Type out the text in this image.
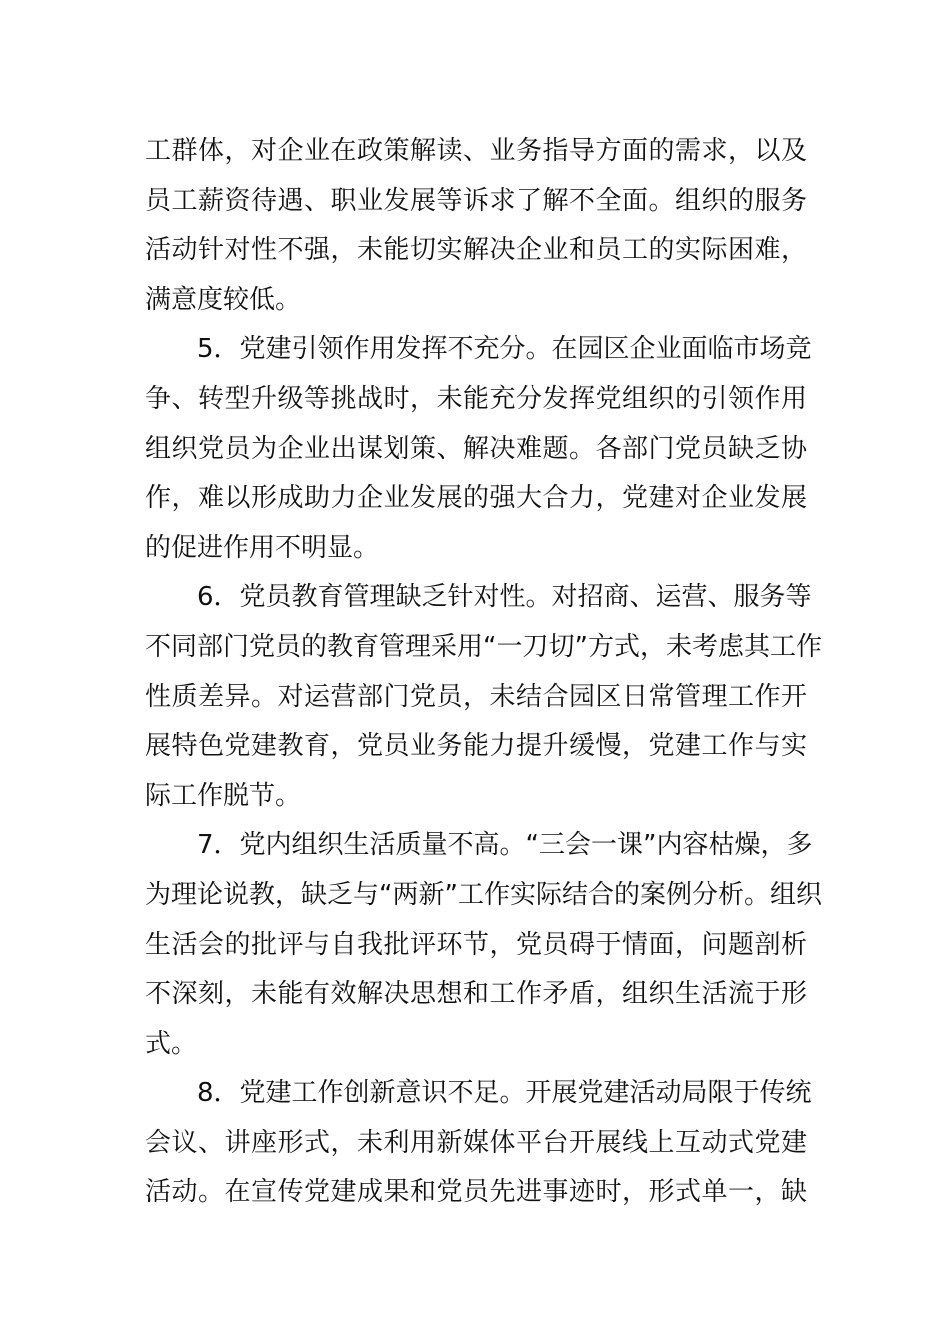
工群体，对企业在政策解读、业务指导方面的需求，以及
员工薪资待遇、职业发展等诉求了解不全面。组织的服务
活动针对性不强，未能切实解决企业和员工的实际困难，
满意度较低。
5．党建引领作用发挥不充分。在园区企业面临市场竞
争、转型升级等挑战时，未能充分发挥党组织的引领作用
组织党员为企业出谋划策、解决难题。各部门党员缺乏协
作，难以形成助力企业发展的强大合力，党建对企业发展
的促进作用不明显。
6．党员教育管理缺乏针对性。对招商、运营、服务等
不同部门党员的教育管理采用“一刀切”方式，未考虑其工作
性质差异。对运营部门党员，未结合园区日常管理工作开
展特色党建教育，党员业务能力提升缓慢，党建工作与实
际工作脱节。
7．党内组织生活质量不高。“三会一课”内容枯燥，多
为理论说教，缺乏与“两新”工作实际结合的案例分析。组织
生活会的批评与自我批评环节，党员碍于情面，问题剖析
不深刻，未能有效解决思想和工作矛盾，组织生活流于形
式。
8．党建工作创新意识不足。开展党建活动局限于传统
会议、讲座形式，未利用新媒体平台开展线上互动式党建
活动。在宣传党建成果和党员先进事迹时，形式单一，缺
